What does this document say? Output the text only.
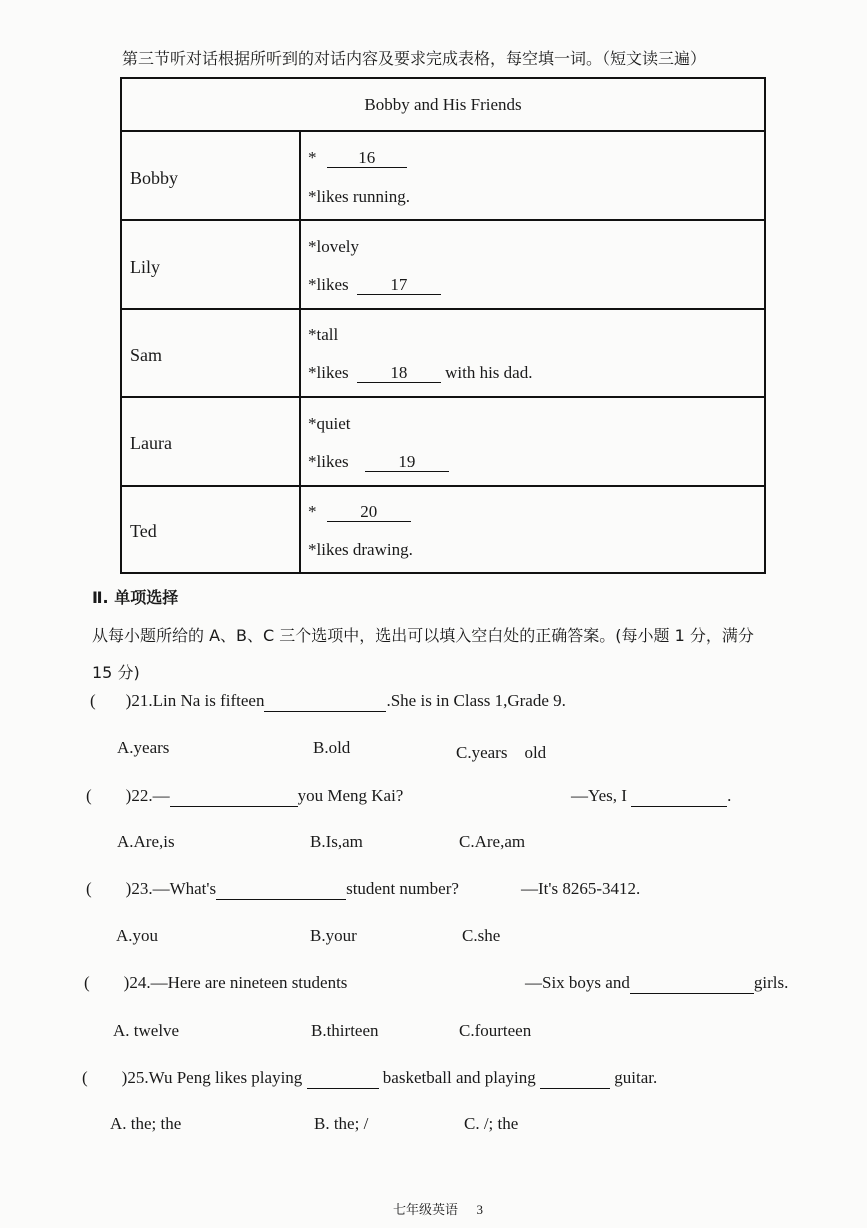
第三节听对话根据所听到的对话内容及要求完成表格，每空填一词。（短文读三遍）
Bobby and His Friends
Bobby
* 16
*likes running.
Lily
*lovely
*likes 17
Sam
*tall
*likes 18 with his dad.
Laura
*quiet
*likes	19
Ted
*	20
*likes drawing.
Ⅱ. 单项选择
从每小题所给的 A、B、C 三个选项中，选出可以填入空白处的正确答案。(每小题 1 分，满分
15 分)
( )21.Lin Na is fifteen	.She is in Class 1,Grade 9.
A.years	B.old	C.years　old
( )22.—	you Meng Kai?	—Yes, I	.
A.Are,is	B.Is,am	C.Are,am
( )23.—What's	student number?	—It's 8265-3412.
A.you	B.your	C.she
( )24.—Here are nineteen students	—Six boys and	girls.
A. twelve	B.thirteen	C.fourteen
( )25.Wu Peng likes playing	basketball and playing	guitar.
A. the; the	B. the; /	C. /; the
七年级英语 3
